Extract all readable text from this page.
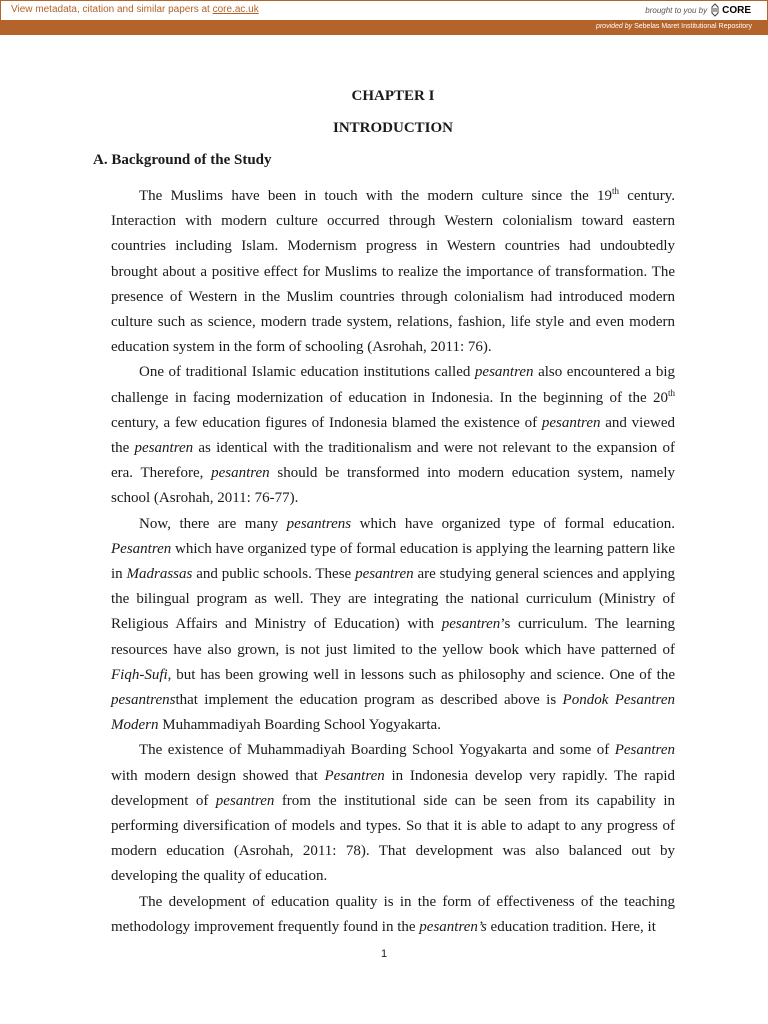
View metadata, citation and similar papers at core.ac.uk	brought to you by CORE
provided by Sebelas Maret Institutional Repository
CHAPTER I
INTRODUCTION
A. Background of the Study

The Muslims have been in touch with the modern culture since the 19th century. Interaction with modern culture occurred through Western colonialism toward eastern countries including Islam. Modernism progress in Western countries had undoubtedly brought about a positive effect for Muslims to realize the importance of transformation. The presence of Western in the Muslim countries through colonialism had introduced modern culture such as science, modern trade system, relations, fashion, life style and even modern education system in the form of schooling (Asrohah, 2011: 76).

One of traditional Islamic education institutions called pesantren also encountered a big challenge in facing modernization of education in Indonesia. In the beginning of the 20th century, a few education figures of Indonesia blamed the existence of pesantren and viewed the pesantren as identical with the traditionalism and were not relevant to the expansion of era. Therefore, pesantren should be transformed into modern education system, namely school (Asrohah, 2011: 76-77).

Now, there are many pesantrens which have organized type of formal education. Pesantren which have organized type of formal education is applying the learning pattern like in Madrassas and public schools. These pesantren are studying general sciences and applying the bilingual program as well. They are integrating the national curriculum (Ministry of Religious Affairs and Ministry of Education) with pesantren’s curriculum. The learning resources have also grown, is not just limited to the yellow book which have patterned of Fiqh-Sufi, but has been growing well in lessons such as philosophy and science. One of the pesantrensthat implement the education program as described above is Pondok Pesantren Modern Muhammadiyah Boarding School Yogyakarta.

The existence of Muhammadiyah Boarding School Yogyakarta and some of Pesantren with modern design showed that Pesantren in Indonesia develop very rapidly. The rapid development of pesantren from the institutional side can be seen from its capability in performing diversification of models and types. So that it is able to adapt to any progress of modern education (Asrohah, 2011: 78). That development was also balanced out by developing the quality of education.

The development of education quality is in the form of effectiveness of the teaching methodology improvement frequently found in the pesantren’s education tradition. Here, it

1
